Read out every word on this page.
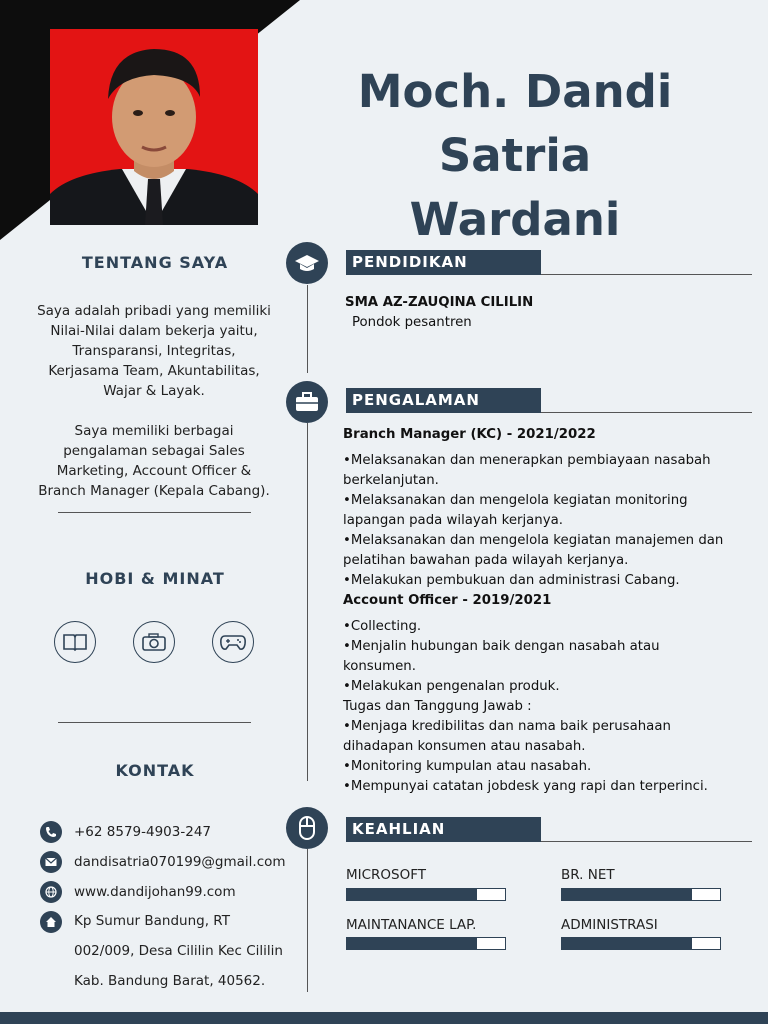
Moch. Dandi
Satria Wardani
TENTANG SAYA

Saya adalah pribadi yang memiliki

Nilai-Nilai dalam bekerja yaitu,

Transparansi, Integritas,

Kerjasama Team, Akuntabilitas,

Wajar & Layak.

Saya memiliki berbagai

pengalaman sebagai Sales

Marketing, Account Officer &

Branch Manager (Kepala Cabang).

HOBI & MINAT
KONTAK
+62 8579-4903-247
dandisatria070199@gmail.com
www.dandijohan99.com
Kp Sumur Bandung, RT
002/009, Desa Cililin Kec Cililin
Kab. Bandung Barat, 40562.
PENDIDIKAN

SMA AZ-ZAUQINA CILILIN

Pondok pesantren

PENGALAMAN

Branch Manager (KC) - 2021/2022

•Melaksanakan dan menerapkan pembiayaan nasabah

berkelanjutan.

•Melaksanakan dan mengelola kegiatan monitoring

lapangan pada wilayah kerjanya.

•Melaksanakan dan mengelola kegiatan manajemen dan

pelatihan bawahan pada wilayah kerjanya.

•Melakukan pembukuan dan administrasi Cabang.

Account Officer - 2019/2021

•Collecting.

•Menjalin hubungan baik dengan nasabah atau

konsumen.

•Melakukan pengenalan produk.

Tugas dan Tanggung Jawab :

•Menjaga kredibilitas dan nama baik perusahaan

dihadapan konsumen atau nasabah.

•Monitoring kumpulan atau nasabah.

•Mempunyai catatan jobdesk yang rapi dan terperinci.

KEAHLIAN
MICROSOFT	BR. NET
MAINTANANCE LAP.	ADMINISTRASI
